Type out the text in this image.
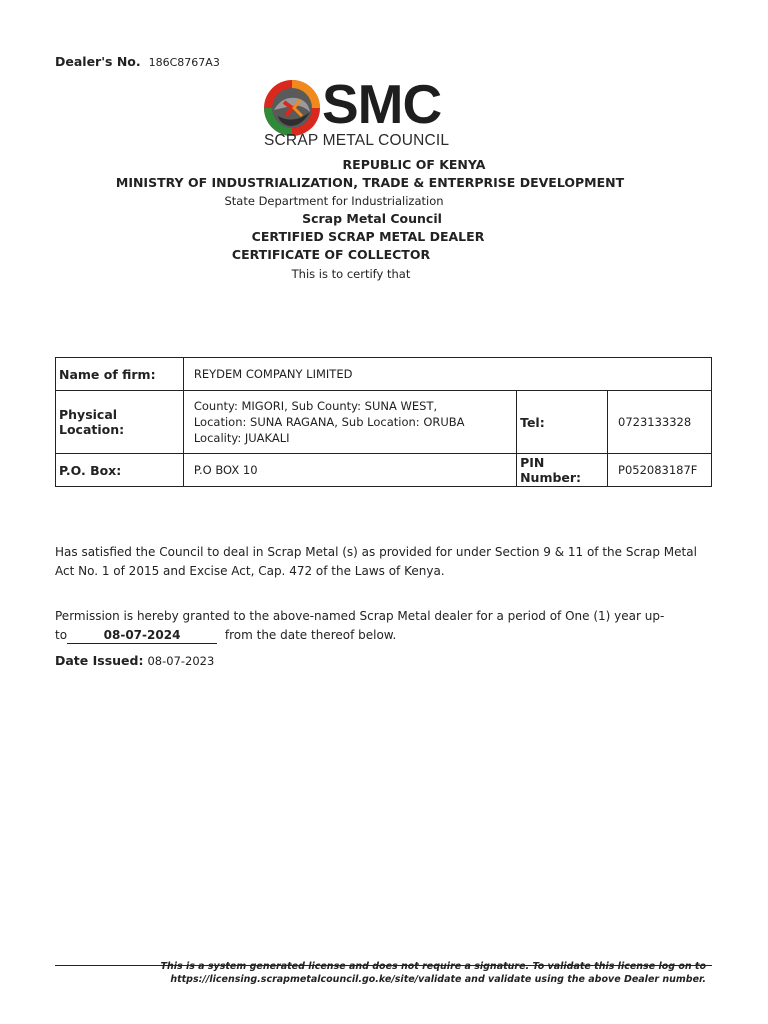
Dealer's No. 186C8767A3
SMC
SCRAP METAL COUNCIL
REPUBLIC OF KENYA
MINISTRY OF INDUSTRIALIZATION, TRADE & ENTERPRISE DEVELOPMENT
State Department for Industrialization
Scrap Metal Council
CERTIFIED SCRAP METAL DEALER
CERTIFICATE OF COLLECTOR
This is to certify that
Name of firm:	REYDEM COMPANY LIMITED		
Physical Location:	County: MIGORI, Sub County: SUNA WEST,
Location: SUNA RAGANA, Sub Location: ORUBA
Locality: JUAKALI	Tel:	0723133328
P.O. Box:	P.O BOX 10	PIN Number:	P052083187F
Has satisfied the Council to deal in Scrap Metal (s) as provided for under Section 9 & 11 of the Scrap Metal Act No. 1 of 2015 and Excise Act, Cap. 472 of the Laws of Kenya.
Permission is hereby granted to the above-named Scrap Metal dealer for a period of One (1) year up-
to	08-07-2024	from the date thereof below.
Date Issued: 08-07-2023
This is a system generated license and does not require a signature. To validate this license log on to
https://licensing.scrapmetalcouncil.go.ke/site/validate and validate using the above Dealer number.
